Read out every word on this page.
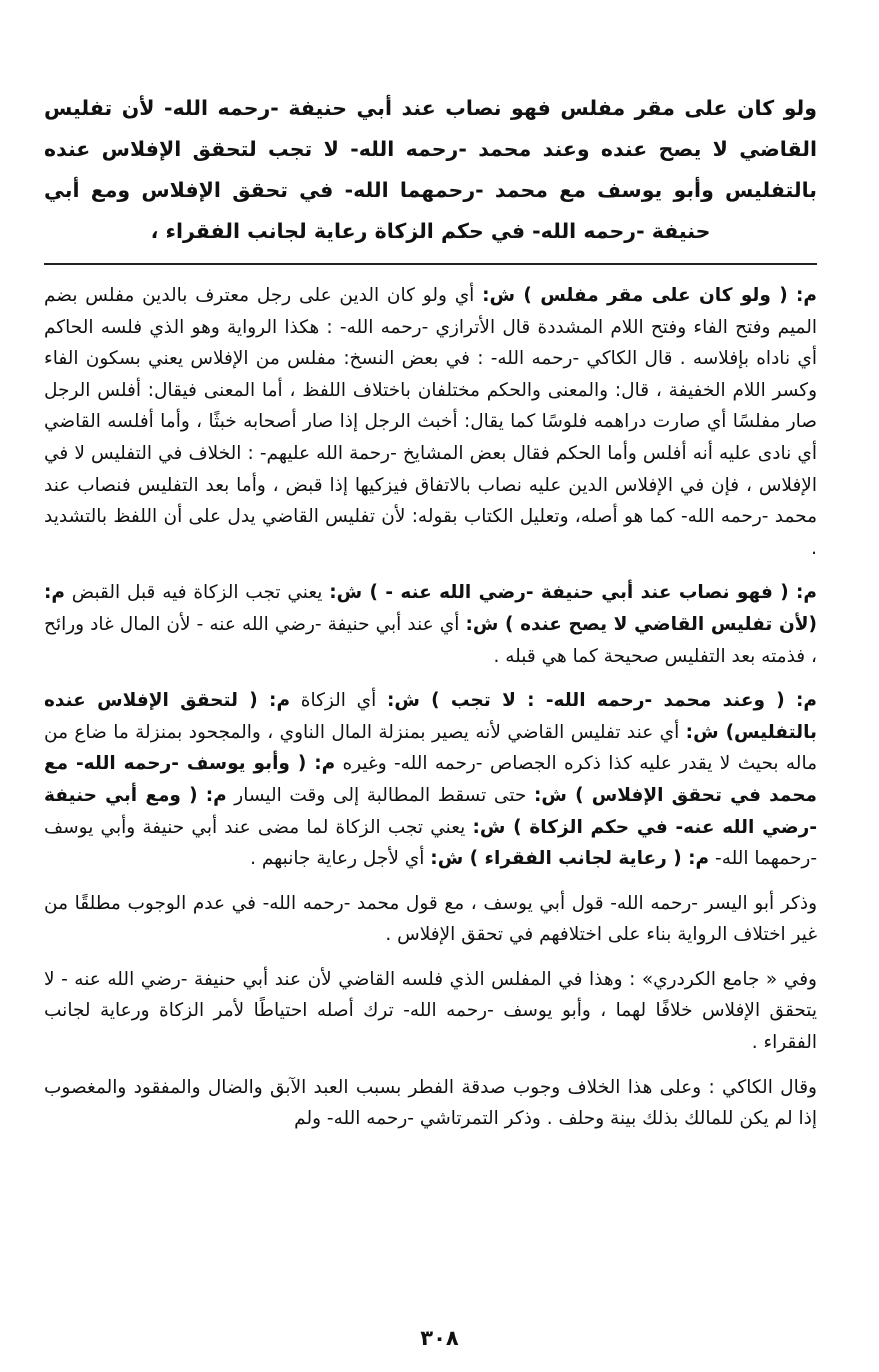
ولو كان على مقر مفلس فهو نصاب عند أبي حنيفة -رحمه الله- لأن تفليس القاضي لا يصح عنده وعند محمد -رحمه الله- لا تجب لتحقق الإفلاس عنده بالتفليس وأبو يوسف مع محمد -رحمهما الله- في تحقق الإفلاس ومع أبي حنيفة -رحمه الله- في حكم الزكاة رعاية لجانب الفقراء ،

م: ( ولو كان على مقر مفلس ) ش: أي ولو كان الدين على رجل معترف بالدين مفلس بضم الميم وفتح الفاء وفتح اللام المشددة قال الأترازي -رحمه الله- : هكذا الرواية وهو الذي فلسه الحاكم أي ناداه بإفلاسه . قال الكاكي -رحمه الله- : في بعض النسخ: مفلس من الإفلاس يعني بسكون الفاء وكسر اللام الخفيفة ، قال: والمعنى والحكم مختلفان باختلاف اللفظ ، أما المعنى فيقال: أفلس الرجل صار مفلسًا أي صارت دراهمه فلوسًا كما يقال: أخبث الرجل إذا صار أصحابه خبثًا ، وأما أفلسه القاضي أي نادى عليه أنه أفلس وأما الحكم فقال بعض المشايخ -رحمة الله عليهم- : الخلاف في التفليس لا في الإفلاس ، فإن في الإفلاس الدين عليه نصاب بالاتفاق فيزكيها إذا قبض ، وأما بعد التفليس فنصاب عند محمد -رحمه الله- كما هو أصله، وتعليل الكتاب بقوله: لأن تفليس القاضي يدل على أن اللفظ بالتشديد .

م: ( فهو نصاب عند أبي حنيفة -رضي الله عنه - ) ش: يعني تجب الزكاة فيه قبل القبض م: (لأن تفليس القاضي لا يصح عنده ) ش: أي عند أبي حنيفة -رضي الله عنه - لأن المال غاد ورائح ، فذمته بعد التفليس صحيحة كما هي قبله .

م: ( وعند محمد -رحمه الله- : لا تجب ) ش: أي الزكاة م: ( لتحقق الإفلاس عنده بالتفليس) ش: أي عند تفليس القاضي لأنه يصير بمنزلة المال الناوي ، والمجحود بمنزلة ما ضاع من ماله بحيث لا يقدر عليه كذا ذكره الجصاص -رحمه الله- وغيره م: ( وأبو يوسف -رحمه الله- مع محمد في تحقق الإفلاس ) ش: حتى تسقط المطالبة إلى وقت اليسار م: ( ومع أبي حنيفة -رضي الله عنه- في حكم الزكاة ) ش: يعني تجب الزكاة لما مضى عند أبي حنيفة وأبي يوسف -رحمهما الله- م: ( رعاية لجانب الفقراء ) ش: أي لأجل رعاية جانبهم .

وذكر أبو اليسر -رحمه الله- قول أبي يوسف ، مع قول محمد -رحمه الله- في عدم الوجوب مطلقًا من غير اختلاف الرواية بناء على اختلافهم في تحقق الإفلاس .

وفي « جامع الكردري» : وهذا في المفلس الذي فلسه القاضي لأن عند أبي حنيفة -رضي الله عنه - لا يتحقق الإفلاس خلافًا لهما ، وأبو يوسف -رحمه الله- ترك أصله احتياطًا لأمر الزكاة ورعاية لجانب الفقراء .

وقال الكاكي : وعلى هذا الخلاف وجوب صدقة الفطر بسبب العبد الآبق والضال والمفقود والمغصوب إذا لم يكن للمالك بذلك بينة وحلف . وذكر التمرتاشي -رحمه الله- ولم

٣٠٨
